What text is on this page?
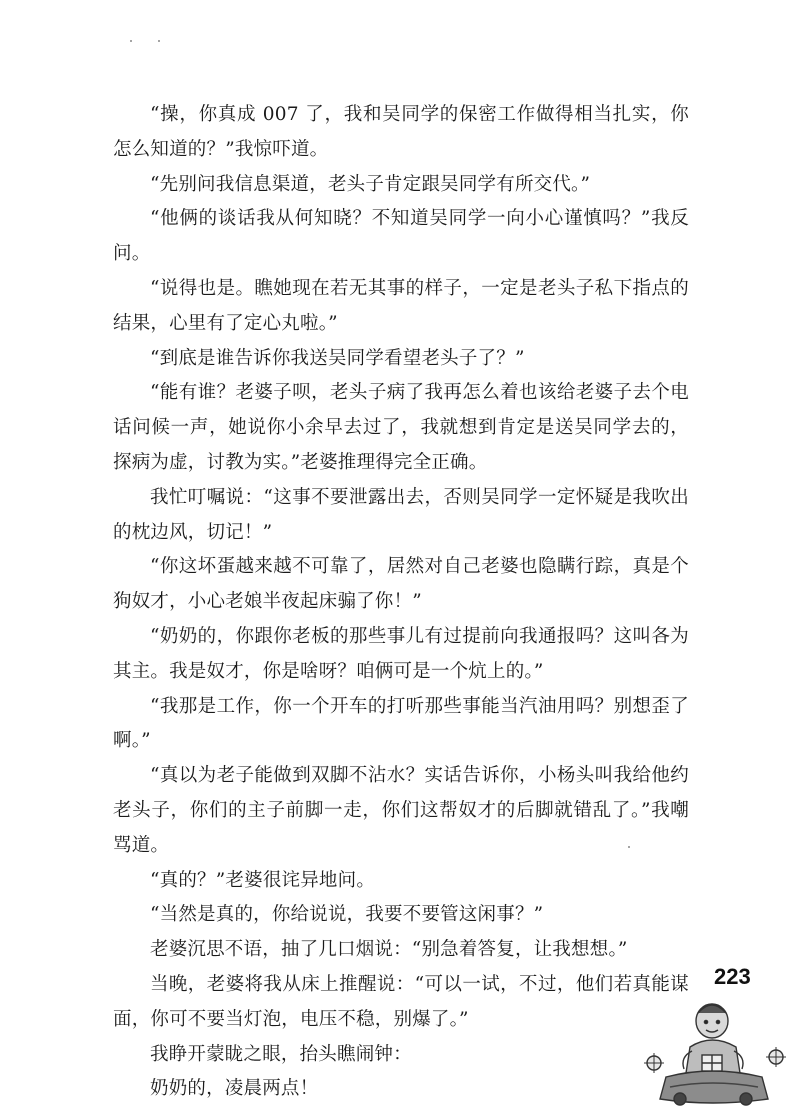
“操，你真成 007 了，我和吴同学的保密工作做得相当扎实，你怎么知道的？”我惊吓道。

“先别问我信息渠道，老头子肯定跟吴同学有所交代。”

“他俩的谈话我从何知晓？不知道吴同学一向小心谨慎吗？”我反问。

“说得也是。瞧她现在若无其事的样子，一定是老头子私下指点的结果，心里有了定心丸啦。”

“到底是谁告诉你我送吴同学看望老头子了？”

“能有谁？老婆子呗，老头子病了我再怎么着也该给老婆子去个电话问候一声，她说你小余早去过了，我就想到肯定是送吴同学去的，探病为虚，讨教为实。”老婆推理得完全正确。

我忙叮嘱说：“这事不要泄露出去，否则吴同学一定怀疑是我吹出的枕边风，切记！”

“你这坏蛋越来越不可靠了，居然对自己老婆也隐瞒行踪，真是个狗奴才，小心老娘半夜起床骟了你！”

“奶奶的，你跟你老板的那些事儿有过提前向我通报吗？这叫各为其主。我是奴才，你是啥呀？咱俩可是一个炕上的。”

“我那是工作，你一个开车的打听那些事能当汽油用吗？别想歪了啊。”

“真以为老子能做到双脚不沾水？实话告诉你，小杨头叫我给他约老头子，你们的主子前脚一走，你们这帮奴才的后脚就错乱了。”我嘲骂道。

“真的？”老婆很诧异地问。

“当然是真的，你给说说，我要不要管这闲事？”

老婆沉思不语，抽了几口烟说：“别急着答复，让我想想。”

当晚，老婆将我从床上推醒说：“可以一试，不过，他们若真能谋面，你可不要当灯泡，电压不稳，别爆了。”

我睁开蒙眬之眼，抬头瞧闹钟：

奶奶的，凌晨两点！

223
